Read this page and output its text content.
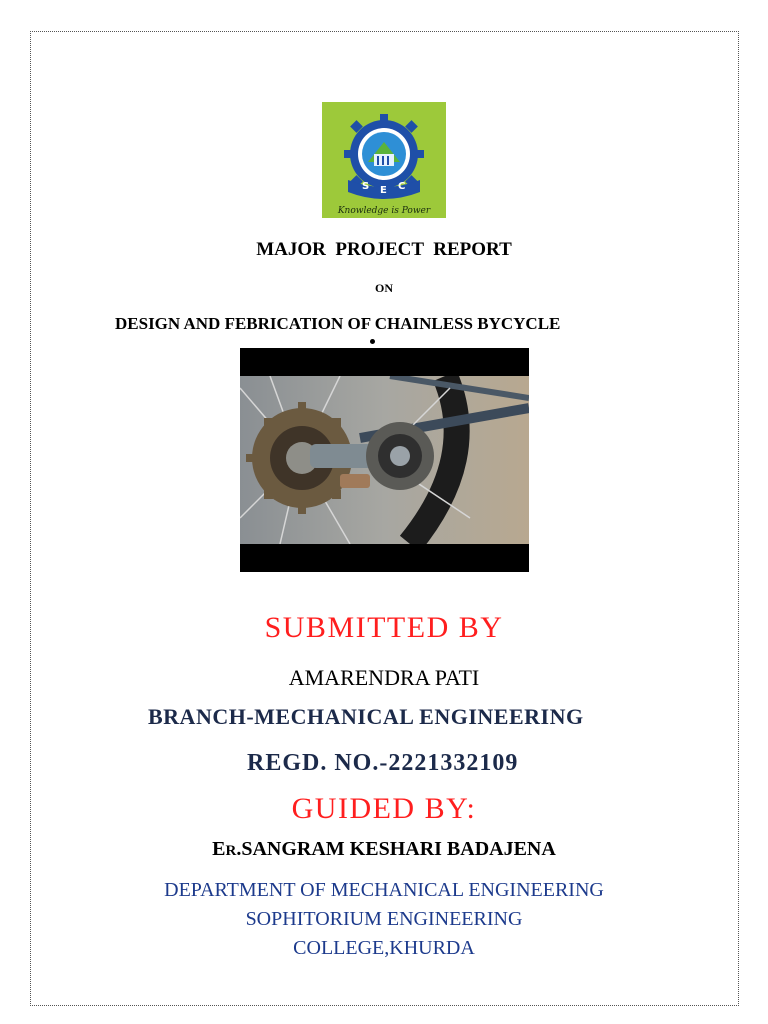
S E C
Knowledge is Power
MAJOR  PROJECT  REPORT
ON
DESIGN AND FEBRICATION OF CHAINLESS BYCYCLE
SUBMITTED BY
AMARENDRA PATI
BRANCH-MECHANICAL ENGINEERING
REGD. NO.-2221332109
GUIDED BY:
ER.SANGRAM KESHARI BADAJENA
DEPARTMENT OF MECHANICAL ENGINEERING
SOPHITORIUM ENGINEERING
COLLEGE,KHURDA
